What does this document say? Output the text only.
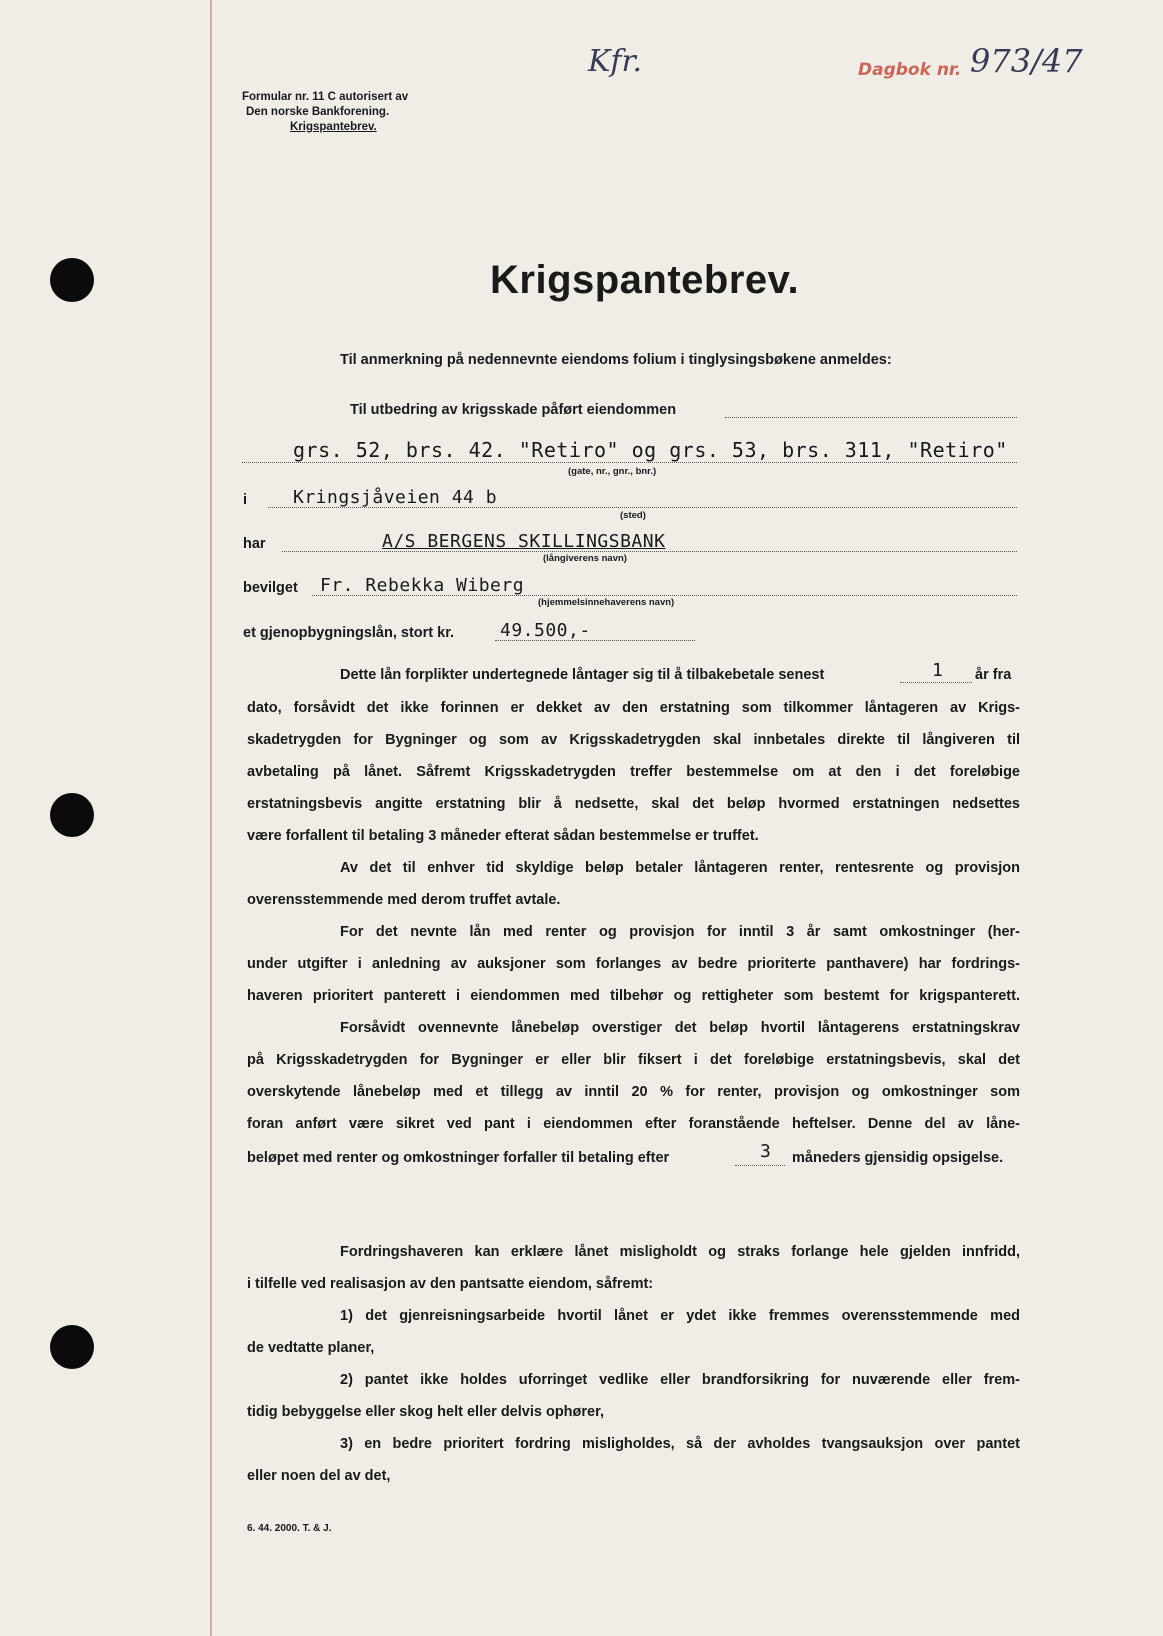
Formular nr. 11 C autorisert av
Den norske Bankforening.
Krigspantebrev.
Kfr.	Dagbok nr. 973/47
Krigspantebrev.
Til anmerkning på nedennevnte eiendoms folium i tinglysingsbøkene anmeldes:
Til utbedring av krigsskade påført eiendommen
grs. 52, brs. 42. "Retiro" og grs. 53, brs. 311, "Retiro"
(gate, nr., gnr., bnr.)
i	Kringsjåveien 44 b
(sted)
har	A/S BERGENS SKILLINGSBANK
(långiverens navn)
bevilget Fr. Rebekka Wiberg
(hjemmelsinnehaverens navn)
et gjenopbygningslån, stort kr.	49.500,-
Dette lån forplikter undertegnede låntager sig til å tilbakebetale senest	1 år fra
dato, forsåvidt det ikke forinnen er dekket av den erstatning som tilkommer låntageren av Krigs-
skadetrygden for Bygninger og som av Krigsskadetrygden skal innbetales direkte til långiveren til
avbetaling på lånet. Såfremt Krigsskadetrygden treffer bestemmelse om at den i det foreløbige
erstatningsbevis angitte erstatning blir å nedsette, skal det beløp hvormed erstatningen nedsettes
være forfallent til betaling 3 måneder efterat sådan bestemmelse er truffet.
Av det til enhver tid skyldige beløp betaler låntageren renter, rentesrente og provisjon
overensstemmende med derom truffet avtale.
For det nevnte lån med renter og provisjon for inntil 3 år samt omkostninger (her-
under utgifter i anledning av auksjoner som forlanges av bedre prioriterte panthavere) har fordrings-
haveren prioritert panterett i eiendommen med tilbehør og rettigheter som bestemt for krigspanterett.
Forsåvidt ovennevnte lånebeløp overstiger det beløp hvortil låntagerens erstatningskrav
på Krigsskadetrygden for Bygninger er eller blir fiksert i det foreløbige erstatningsbevis, skal det
overskytende lånebeløp med et tillegg av inntil 20 % for renter, provisjon og omkostninger som
foran anført være sikret ved pant i eiendommen efter foranstående heftelser. Denne del av låne-
beløpet med renter og omkostninger forfaller til betaling efter	3 måneders gjensidig opsigelse.
Fordringshaveren kan erklære lånet misligholdt og straks forlange hele gjelden innfridd,
i tilfelle ved realisasjon av den pantsatte eiendom, såfremt:
1) det gjenreisningsarbeide hvortil lånet er ydet ikke fremmes overensstemmende med
de vedtatte planer,
2) pantet ikke holdes uforringet vedlike eller brandforsikring for nuværende eller frem-
tidig bebyggelse eller skog helt eller delvis ophører,
3) en bedre prioritert fordring misligholdes, så der avholdes tvangsauksjon over pantet
eller noen del av det,
6. 44. 2000. T. & J.
